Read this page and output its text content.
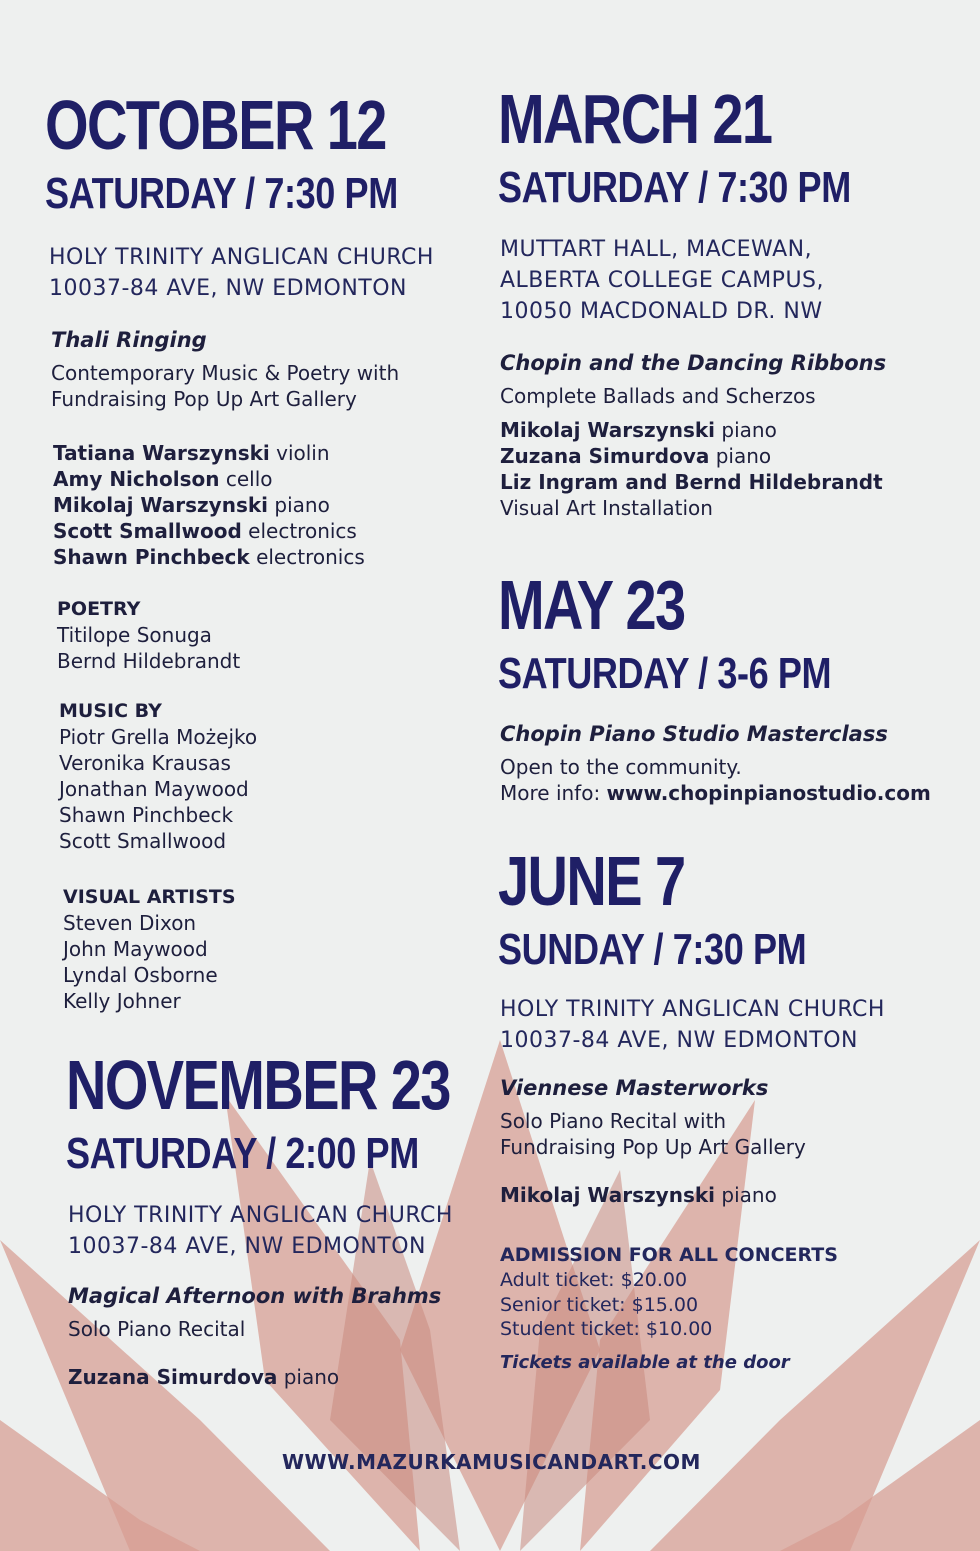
OCTOBER 12
SATURDAY / 7:30 PM
HOLY TRINITY ANGLICAN CHURCH
10037-84 AVE, NW EDMONTON
Thali Ringing
Contemporary Music & Poetry with
Fundraising Pop Up Art Gallery
Tatiana Warszynski violin
Amy Nicholson cello
Mikolaj Warszynski piano
Scott Smallwood electronics
Shawn Pinchbeck electronics
POETRY
Titilope Sonuga
Bernd Hildebrandt
MUSIC BY
Piotr Grella Możejko
Veronika Krausas
Jonathan Maywood
Shawn Pinchbeck
Scott Smallwood
VISUAL ARTISTS
Steven Dixon
John Maywood
Lyndal Osborne
Kelly Johner
NOVEMBER 23
SATURDAY / 2:00 PM
HOLY TRINITY ANGLICAN CHURCH
10037-84 AVE, NW EDMONTON
Magical Afternoon with Brahms
Solo Piano Recital
Zuzana Simurdova piano
MARCH 21
SATURDAY / 7:30 PM
MUTTART HALL, MACEWAN,
ALBERTA COLLEGE CAMPUS,
10050 MACDONALD DR. NW
Chopin and the Dancing Ribbons
Complete Ballads and Scherzos
Mikolaj Warszynski piano
Zuzana Simurdova piano
Liz Ingram and Bernd Hildebrandt
Visual Art Installation
MAY 23
SATURDAY / 3-6 PM
Chopin Piano Studio Masterclass
Open to the community.
More info: www.chopinpianostudio.com
JUNE 7
SUNDAY / 7:30 PM
HOLY TRINITY ANGLICAN CHURCH
10037-84 AVE, NW EDMONTON
Viennese Masterworks
Solo Piano Recital with
Fundraising Pop Up Art Gallery
Mikolaj Warszynski piano
ADMISSION FOR ALL CONCERTS
Adult ticket: $20.00
Senior ticket: $15.00
Student ticket: $10.00
Tickets available at the door
WWW.MAZURKAMUSICANDART.COM
